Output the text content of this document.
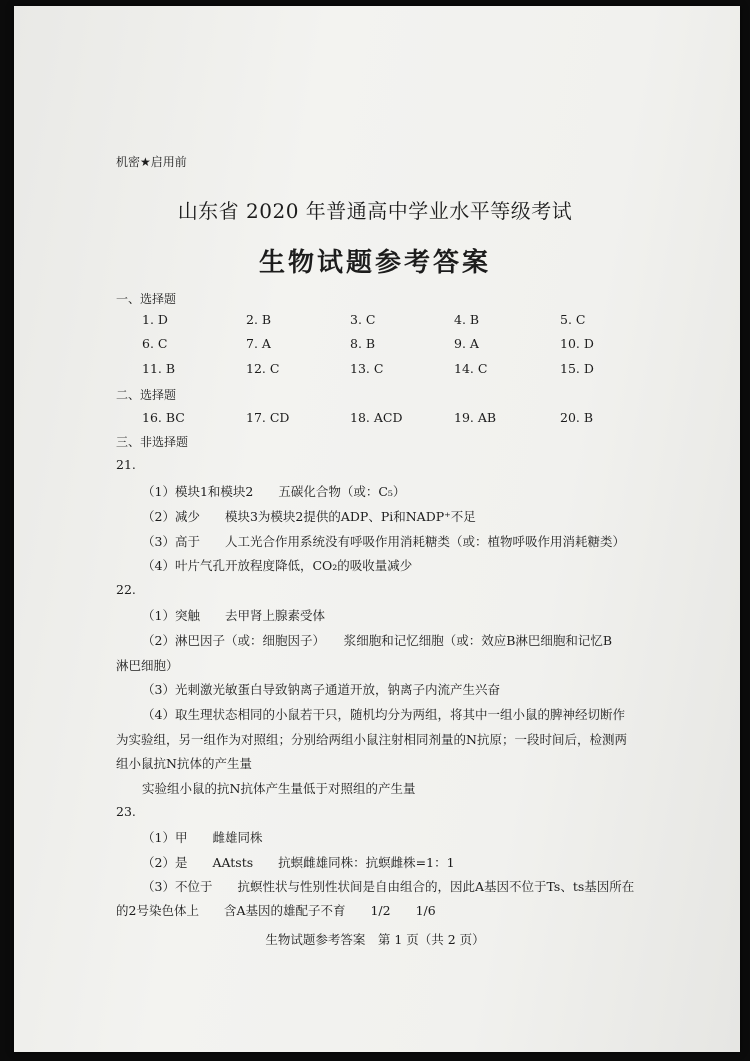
机密★启用前
山东省 2020 年普通高中学业水平等级考试
生物试题参考答案
一、选择题
1. D	2. B	3. C	4. B	5. C
6. C	7. A	8. B	9. A	10. D
11. B	12. C	13. C	14. C	15. D
二、选择题
16. BC	17. CD	18. ACD	19. AB	20. B
三、非选择题
21.
（1）模块1和模块2　　五碳化合物（或：C₅）
（2）减少　　模块3为模块2提供的ADP、Pi和NADP⁺不足
（3）高于　　人工光合作用系统没有呼吸作用消耗糖类（或：植物呼吸作用消耗糖类）
（4）叶片气孔开放程度降低，CO₂的吸收量减少
22.
（1）突触　　去甲肾上腺素受体
（2）淋巴因子（或：细胞因子）　　浆细胞和记忆细胞（或：效应B淋巴细胞和记忆B
淋巴细胞）
（3）光刺激光敏蛋白导致钠离子通道开放，钠离子内流产生兴奋
（4）取生理状态相同的小鼠若干只，随机均分为两组，将其中一组小鼠的脾神经切断作
为实验组，另一组作为对照组；分别给两组小鼠注射相同剂量的N抗原；一段时间后，检测两
组小鼠抗N抗体的产生量
实验组小鼠的抗N抗体产生量低于对照组的产生量
23.
（1）甲　　雌雄同株
（2）是　　AAtsts　　抗螟雌雄同株：抗螟雌株=1：1
（3）不位于　　抗螟性状与性别性状间是自由组合的，因此A基因不位于Ts、ts基因所在
的2号染色体上　　含A基因的雄配子不育　　1/2　　1/6
生物试题参考答案　第 1 页（共 2 页）
